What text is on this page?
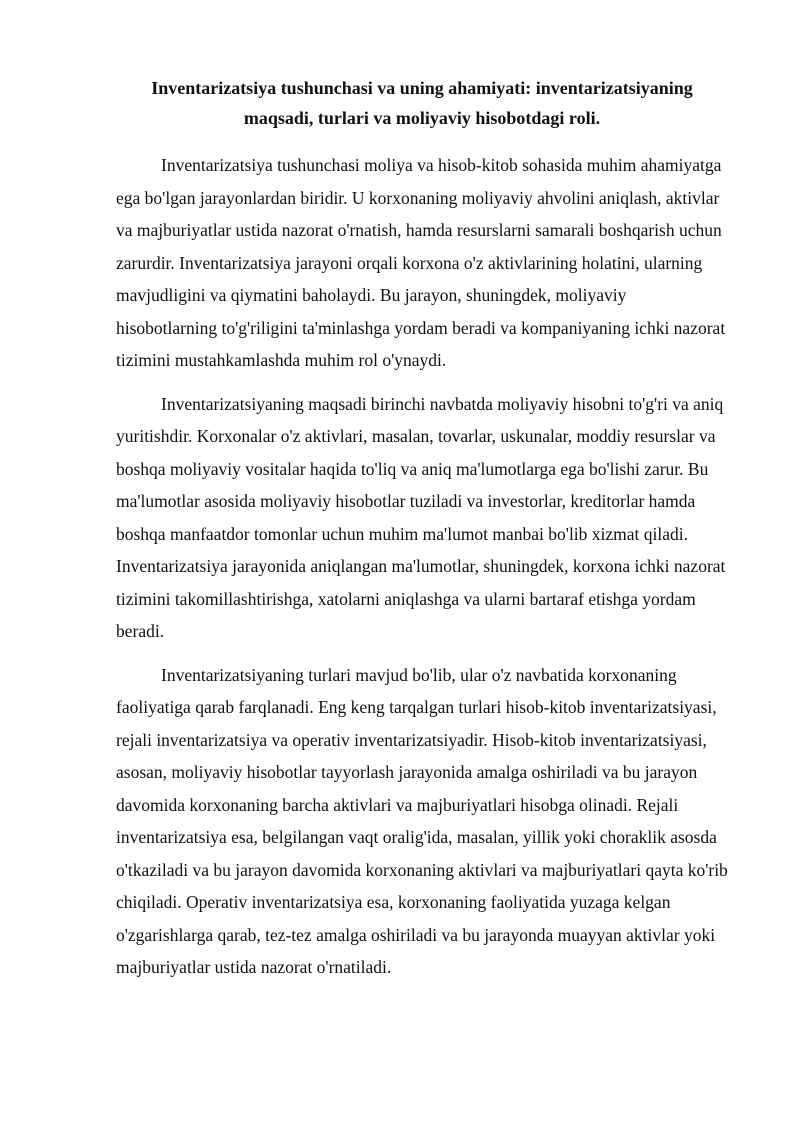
Inventarizatsiya tushunchasi va uning ahamiyati: inventarizatsiyaning maqsadi, turlari va moliyaviy hisobotdagi roli.

Inventarizatsiya tushunchasi moliya va hisob-kitob sohasida muhim ahamiyatga ega bo'lgan jarayonlardan biridir. U korxonaning moliyaviy ahvolini aniqlash, aktivlar va majburiyatlar ustida nazorat o'rnatish, hamda resurslarni samarali boshqarish uchun zarurdir. Inventarizatsiya jarayoni orqali korxona o'z aktivlarining holatini, ularning mavjudligini va qiymatini baholaydi. Bu jarayon, shuningdek, moliyaviy hisobotlarning to'g'riligini ta'minlashga yordam beradi va kompaniyaning ichki nazorat tizimini mustahkamlashda muhim rol o'ynaydi.

Inventarizatsiyaning maqsadi birinchi navbatda moliyaviy hisobni to'g'ri va aniq yuritishdir. Korxonalar o'z aktivlari, masalan, tovarlar, uskunalar, moddiy resurslar va boshqa moliyaviy vositalar haqida to'liq va aniq ma'lumotlarga ega bo'lishi zarur. Bu ma'lumotlar asosida moliyaviy hisobotlar tuziladi va investorlar, kreditorlar hamda boshqa manfaatdor tomonlar uchun muhim ma'lumot manbai bo'lib xizmat qiladi. Inventarizatsiya jarayonida aniqlangan ma'lumotlar, shuningdek, korxona ichki nazorat tizimini takomillashtirishga, xatolarni aniqlashga va ularni bartaraf etishga yordam beradi.

Inventarizatsiyaning turlari mavjud bo'lib, ular o'z navbatida korxonaning faoliyatiga qarab farqlanadi. Eng keng tarqalgan turlari hisob-kitob inventarizatsiyasi, rejali inventarizatsiya va operativ inventarizatsiyadir. Hisob-kitob inventarizatsiyasi, asosan, moliyaviy hisobotlar tayyorlash jarayonida amalga oshiriladi va bu jarayon davomida korxonaning barcha aktivlari va majburiyatlari hisobga olinadi. Rejali inventarizatsiya esa, belgilangan vaqt oralig'ida, masalan, yillik yoki choraklik asosda o'tkaziladi va bu jarayon davomida korxonaning aktivlari va majburiyatlari qayta ko'rib chiqiladi. Operativ inventarizatsiya esa, korxonaning faoliyatida yuzaga kelgan o'zgarishlarga qarab, tez-tez amalga oshiriladi va bu jarayonda muayyan aktivlar yoki majburiyatlar ustida nazorat o'rnatiladi.
